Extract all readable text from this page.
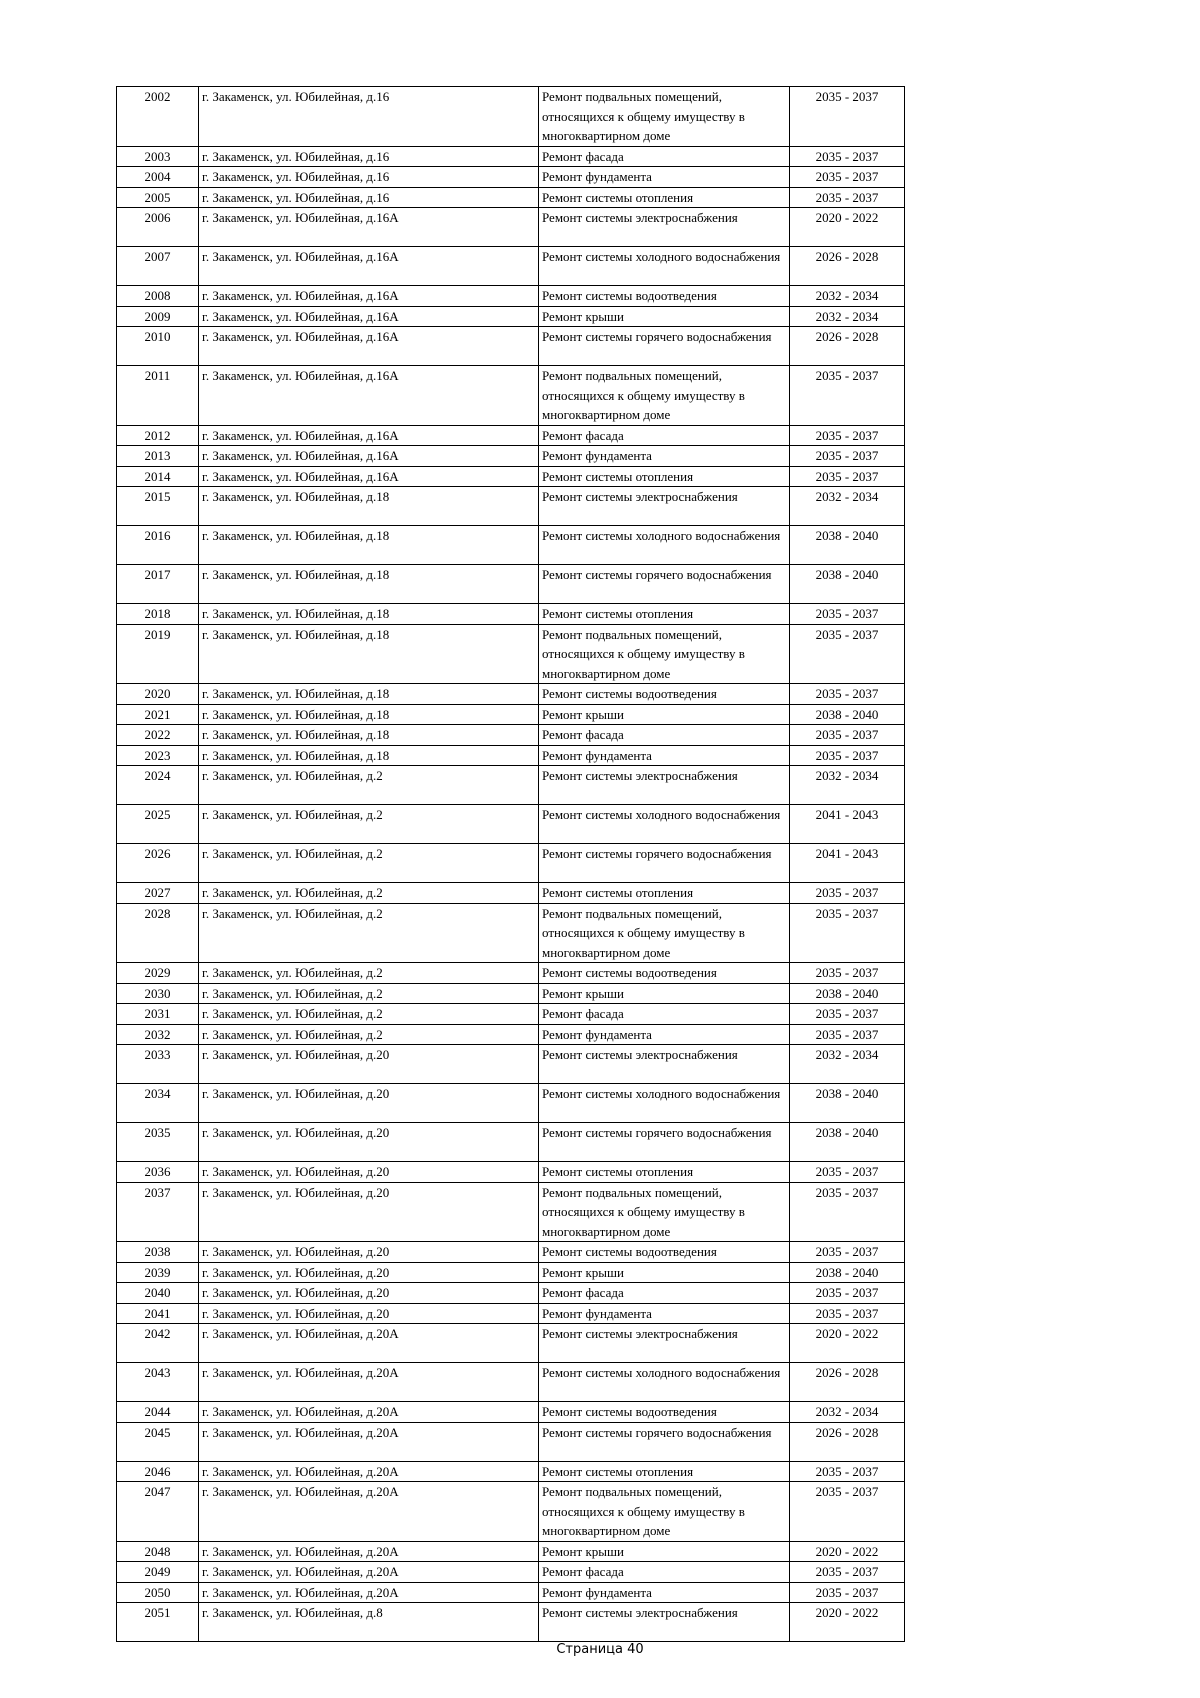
2002	г. Закаменск, ул. Юбилейная, д.16	Ремонт подвальных помещений, относящихся к общему имуществу в многоквартирном доме	2035 - 2037
2003	г. Закаменск, ул. Юбилейная, д.16	Ремонт фасада	2035 - 2037
2004	г. Закаменск, ул. Юбилейная, д.16	Ремонт фундамента	2035 - 2037
2005	г. Закаменск, ул. Юбилейная, д.16	Ремонт системы отопления	2035 - 2037
2006	г. Закаменск, ул. Юбилейная, д.16А	Ремонт системы электроснабжения	2020 - 2022
2007	г. Закаменск, ул. Юбилейная, д.16А	Ремонт системы холодного водоснабжения	2026 - 2028
2008	г. Закаменск, ул. Юбилейная, д.16А	Ремонт системы водоотведения	2032 - 2034
2009	г. Закаменск, ул. Юбилейная, д.16А	Ремонт крыши	2032 - 2034
2010	г. Закаменск, ул. Юбилейная, д.16А	Ремонт системы горячего водоснабжения	2026 - 2028
2011	г. Закаменск, ул. Юбилейная, д.16А	Ремонт подвальных помещений, относящихся к общему имуществу в многоквартирном доме	2035 - 2037
2012	г. Закаменск, ул. Юбилейная, д.16А	Ремонт фасада	2035 - 2037
2013	г. Закаменск, ул. Юбилейная, д.16А	Ремонт фундамента	2035 - 2037
2014	г. Закаменск, ул. Юбилейная, д.16А	Ремонт системы отопления	2035 - 2037
2015	г. Закаменск, ул. Юбилейная, д.18	Ремонт системы электроснабжения	2032 - 2034
2016	г. Закаменск, ул. Юбилейная, д.18	Ремонт системы холодного водоснабжения	2038 - 2040
2017	г. Закаменск, ул. Юбилейная, д.18	Ремонт системы горячего водоснабжения	2038 - 2040
2018	г. Закаменск, ул. Юбилейная, д.18	Ремонт системы отопления	2035 - 2037
2019	г. Закаменск, ул. Юбилейная, д.18	Ремонт подвальных помещений, относящихся к общему имуществу в многоквартирном доме	2035 - 2037
2020	г. Закаменск, ул. Юбилейная, д.18	Ремонт системы водоотведения	2035 - 2037
2021	г. Закаменск, ул. Юбилейная, д.18	Ремонт крыши	2038 - 2040
2022	г. Закаменск, ул. Юбилейная, д.18	Ремонт фасада	2035 - 2037
2023	г. Закаменск, ул. Юбилейная, д.18	Ремонт фундамента	2035 - 2037
2024	г. Закаменск, ул. Юбилейная, д.2	Ремонт системы электроснабжения	2032 - 2034
2025	г. Закаменск, ул. Юбилейная, д.2	Ремонт системы холодного водоснабжения	2041 - 2043
2026	г. Закаменск, ул. Юбилейная, д.2	Ремонт системы горячего водоснабжения	2041 - 2043
2027	г. Закаменск, ул. Юбилейная, д.2	Ремонт системы отопления	2035 - 2037
2028	г. Закаменск, ул. Юбилейная, д.2	Ремонт подвальных помещений, относящихся к общему имуществу в многоквартирном доме	2035 - 2037
2029	г. Закаменск, ул. Юбилейная, д.2	Ремонт системы водоотведения	2035 - 2037
2030	г. Закаменск, ул. Юбилейная, д.2	Ремонт крыши	2038 - 2040
2031	г. Закаменск, ул. Юбилейная, д.2	Ремонт фасада	2035 - 2037
2032	г. Закаменск, ул. Юбилейная, д.2	Ремонт фундамента	2035 - 2037
2033	г. Закаменск, ул. Юбилейная, д.20	Ремонт системы электроснабжения	2032 - 2034
2034	г. Закаменск, ул. Юбилейная, д.20	Ремонт системы холодного водоснабжения	2038 - 2040
2035	г. Закаменск, ул. Юбилейная, д.20	Ремонт системы горячего водоснабжения	2038 - 2040
2036	г. Закаменск, ул. Юбилейная, д.20	Ремонт системы отопления	2035 - 2037
2037	г. Закаменск, ул. Юбилейная, д.20	Ремонт подвальных помещений, относящихся к общему имуществу в многоквартирном доме	2035 - 2037
2038	г. Закаменск, ул. Юбилейная, д.20	Ремонт системы водоотведения	2035 - 2037
2039	г. Закаменск, ул. Юбилейная, д.20	Ремонт крыши	2038 - 2040
2040	г. Закаменск, ул. Юбилейная, д.20	Ремонт фасада	2035 - 2037
2041	г. Закаменск, ул. Юбилейная, д.20	Ремонт фундамента	2035 - 2037
2042	г. Закаменск, ул. Юбилейная, д.20А	Ремонт системы электроснабжения	2020 - 2022
2043	г. Закаменск, ул. Юбилейная, д.20А	Ремонт системы холодного водоснабжения	2026 - 2028
2044	г. Закаменск, ул. Юбилейная, д.20А	Ремонт системы водоотведения	2032 - 2034
2045	г. Закаменск, ул. Юбилейная, д.20А	Ремонт системы горячего водоснабжения	2026 - 2028
2046	г. Закаменск, ул. Юбилейная, д.20А	Ремонт системы отопления	2035 - 2037
2047	г. Закаменск, ул. Юбилейная, д.20А	Ремонт подвальных помещений, относящихся к общему имуществу в многоквартирном доме	2035 - 2037
2048	г. Закаменск, ул. Юбилейная, д.20А	Ремонт крыши	2020 - 2022
2049	г. Закаменск, ул. Юбилейная, д.20А	Ремонт фасада	2035 - 2037
2050	г. Закаменск, ул. Юбилейная, д.20А	Ремонт фундамента	2035 - 2037
2051	г. Закаменск, ул. Юбилейная, д.8	Ремонт системы электроснабжения	2020 - 2022
Страница 40
